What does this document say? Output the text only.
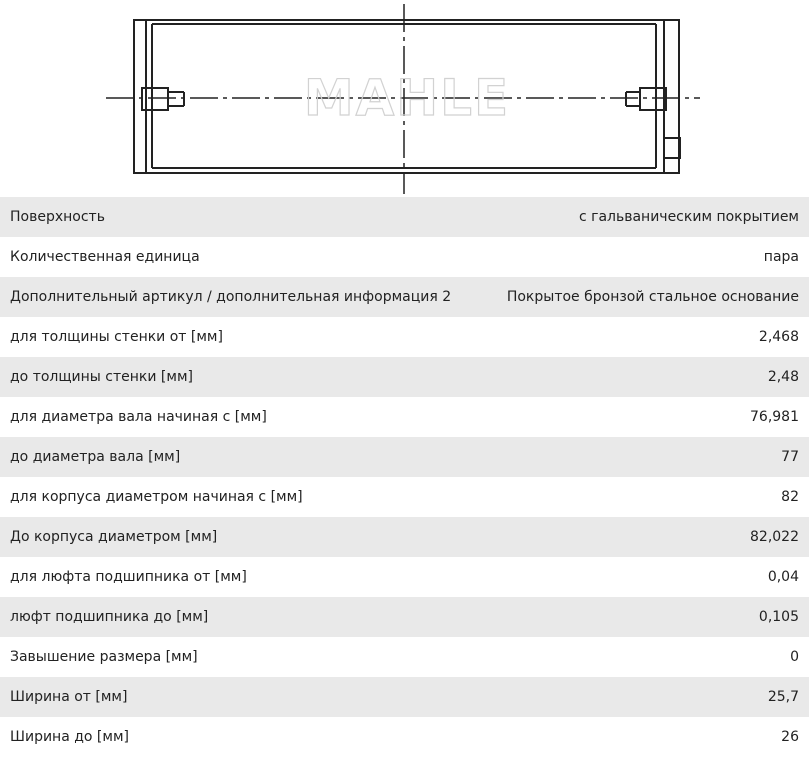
MAHLE
Поверхность	с гальваническим покрытием
Количественная единица	пара
Дополнительный артикул / дополнительная информация 2	Покрытое бронзой стальное основание
для толщины стенки от [мм]	2,468
до толщины стенки [мм]	2,48
для диаметра вала начиная с [мм]	76,981
до диаметра вала [мм]	77
для корпуса диаметром начиная с [мм]	82
До корпуса диаметром [мм]	82,022
для люфта подшипника от [мм]	0,04
люфт подшипника до [мм]	0,105
Завышение размера [мм]	0
Ширина от [мм]	25,7
Ширина до [мм]	26
